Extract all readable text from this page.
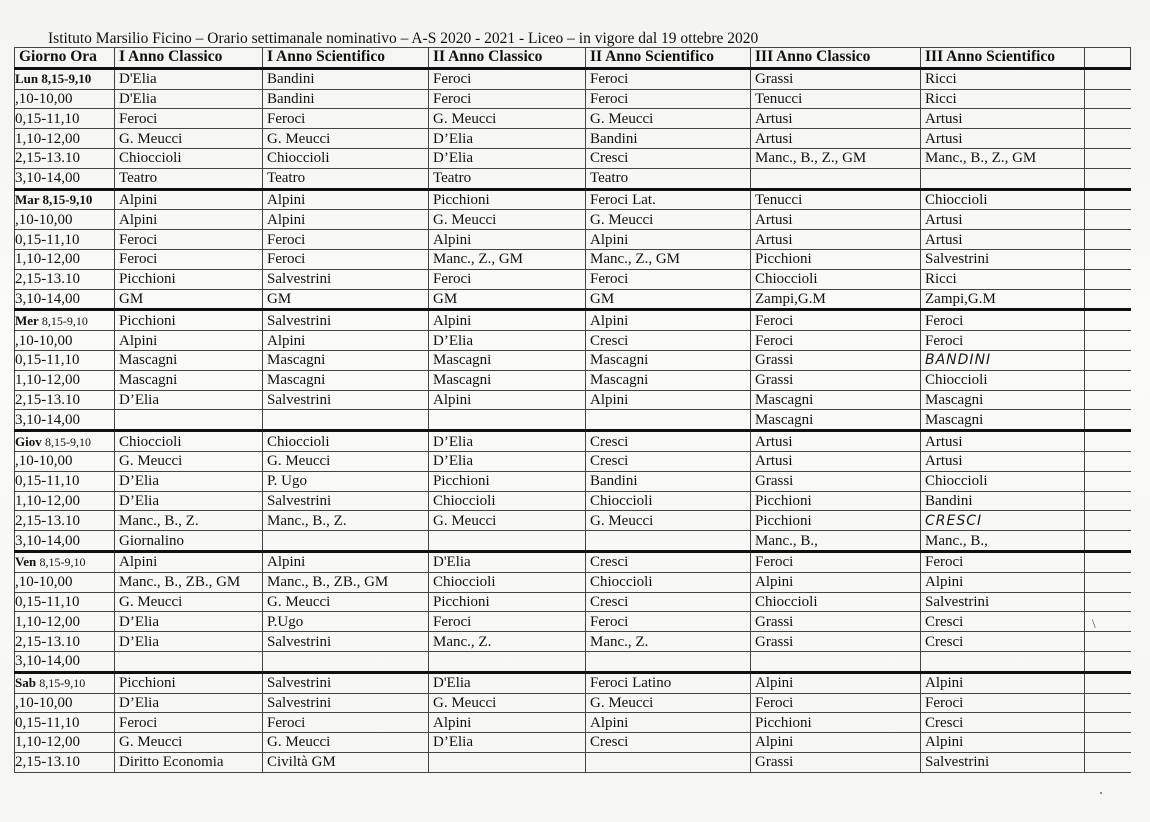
Istituto Marsilio Ficino – Orario settimanale nominativo – A-S 2020 - 2021 - Liceo – in vigore dal 19 ottebre 2020
Giorno Ora	I Anno Classico	I Anno Scientifico	II Anno Classico	II Anno Scientifico	III Anno Classico	III Anno Scientifico	
Lun 8,15-9,10	D'Elia	Bandini	Feroci	Feroci	Grassi	Ricci	
,10-10,00	D'Elia	Bandini	Feroci	Feroci	Tenucci	Ricci	
0,15-11,10	Feroci	Feroci	G. Meucci	G. Meucci	Artusi	Artusi	
1,10-12,00	G. Meucci	G. Meucci	D’Elia	Bandini	Artusi	Artusi	
2,15-13.10	Chioccioli	Chioccioli	D’Elia	Cresci	Manc., B., Z., GM	Manc., B., Z., GM	
3,10-14,00	Teatro	Teatro	Teatro	Teatro			
Mar 8,15-9,10	Alpini	Alpini	Picchioni	Feroci Lat.	Tenucci	Chioccioli	
,10-10,00	Alpini	Alpini	G. Meucci	G. Meucci	Artusi	Artusi	
0,15-11,10	Feroci	Feroci	Alpini	Alpini	Artusi	Artusi	
1,10-12,00	Feroci	Feroci	Manc., Z., GM	Manc., Z., GM	Picchioni	Salvestrini	
2,15-13.10	Picchioni	Salvestrini	Feroci	Feroci	Chioccioli	Ricci	
3,10-14,00	GM	GM	GM	GM	Zampi,G.M	Zampi,G.M	
Mer 8,15-9,10	Picchioni	Salvestrini	Alpini	Alpini	Feroci	Feroci	
,10-10,00	Alpini	Alpini	D’Elia	Cresci	Feroci	Feroci	
0,15-11,10	Mascagni	Mascagni	Mascagni	Mascagni	Grassi	BANDINI	
1,10-12,00	Mascagni	Mascagni	Mascagni	Mascagni	Grassi	Chioccioli	
2,15-13.10	D’Elia	Salvestrini	Alpini	Alpini	Mascagni	Mascagni	
3,10-14,00					Mascagni	Mascagni	
Giov 8,15-9,10	Chioccioli	Chioccioli	D’Elia	Cresci	Artusi	Artusi	
,10-10,00	G. Meucci	G. Meucci	D’Elia	Cresci	Artusi	Artusi	
0,15-11,10	D’Elia	P. Ugo	Picchioni	Bandini	Grassi	Chioccioli	
1,10-12,00	D’Elia	Salvestrini	Chioccioli	Chioccioli	Picchioni	Bandini	
2,15-13.10	Manc., B., Z.	Manc., B., Z.	G. Meucci	G. Meucci	Picchioni	CRESCI	
3,10-14,00	Giornalino				Manc., B.,	Manc., B.,	
Ven 8,15-9,10	Alpini	Alpini	D'Elia	Cresci	Feroci	Feroci	
,10-10,00	Manc., B., ZB., GM	Manc., B., ZB., GM	Chioccioli	Chioccioli	Alpini	Alpini	
0,15-11,10	G. Meucci	G. Meucci	Picchioni	Cresci	Chioccioli	Salvestrini	
1,10-12,00	D’Elia	P.Ugo	Feroci	Feroci	Grassi	Cresci	
2,15-13.10	D’Elia	Salvestrini	Manc., Z.	Manc., Z.	Grassi	Cresci	
3,10-14,00							
Sab 8,15-9,10	Picchioni	Salvestrini	D'Elia	Feroci Latino	Alpini	Alpini	
,10-10,00	D’Elia	Salvestrini	G. Meucci	G. Meucci	Feroci	Feroci	
0,15-11,10	Feroci	Feroci	Alpini	Alpini	Picchioni	Cresci	
1,10-12,00	G. Meucci	G. Meucci	D’Elia	Cresci	Alpini	Alpini	
2,15-13.10	Diritto Economia	Civiltà GM			Grassi	Salvestrini	
\
